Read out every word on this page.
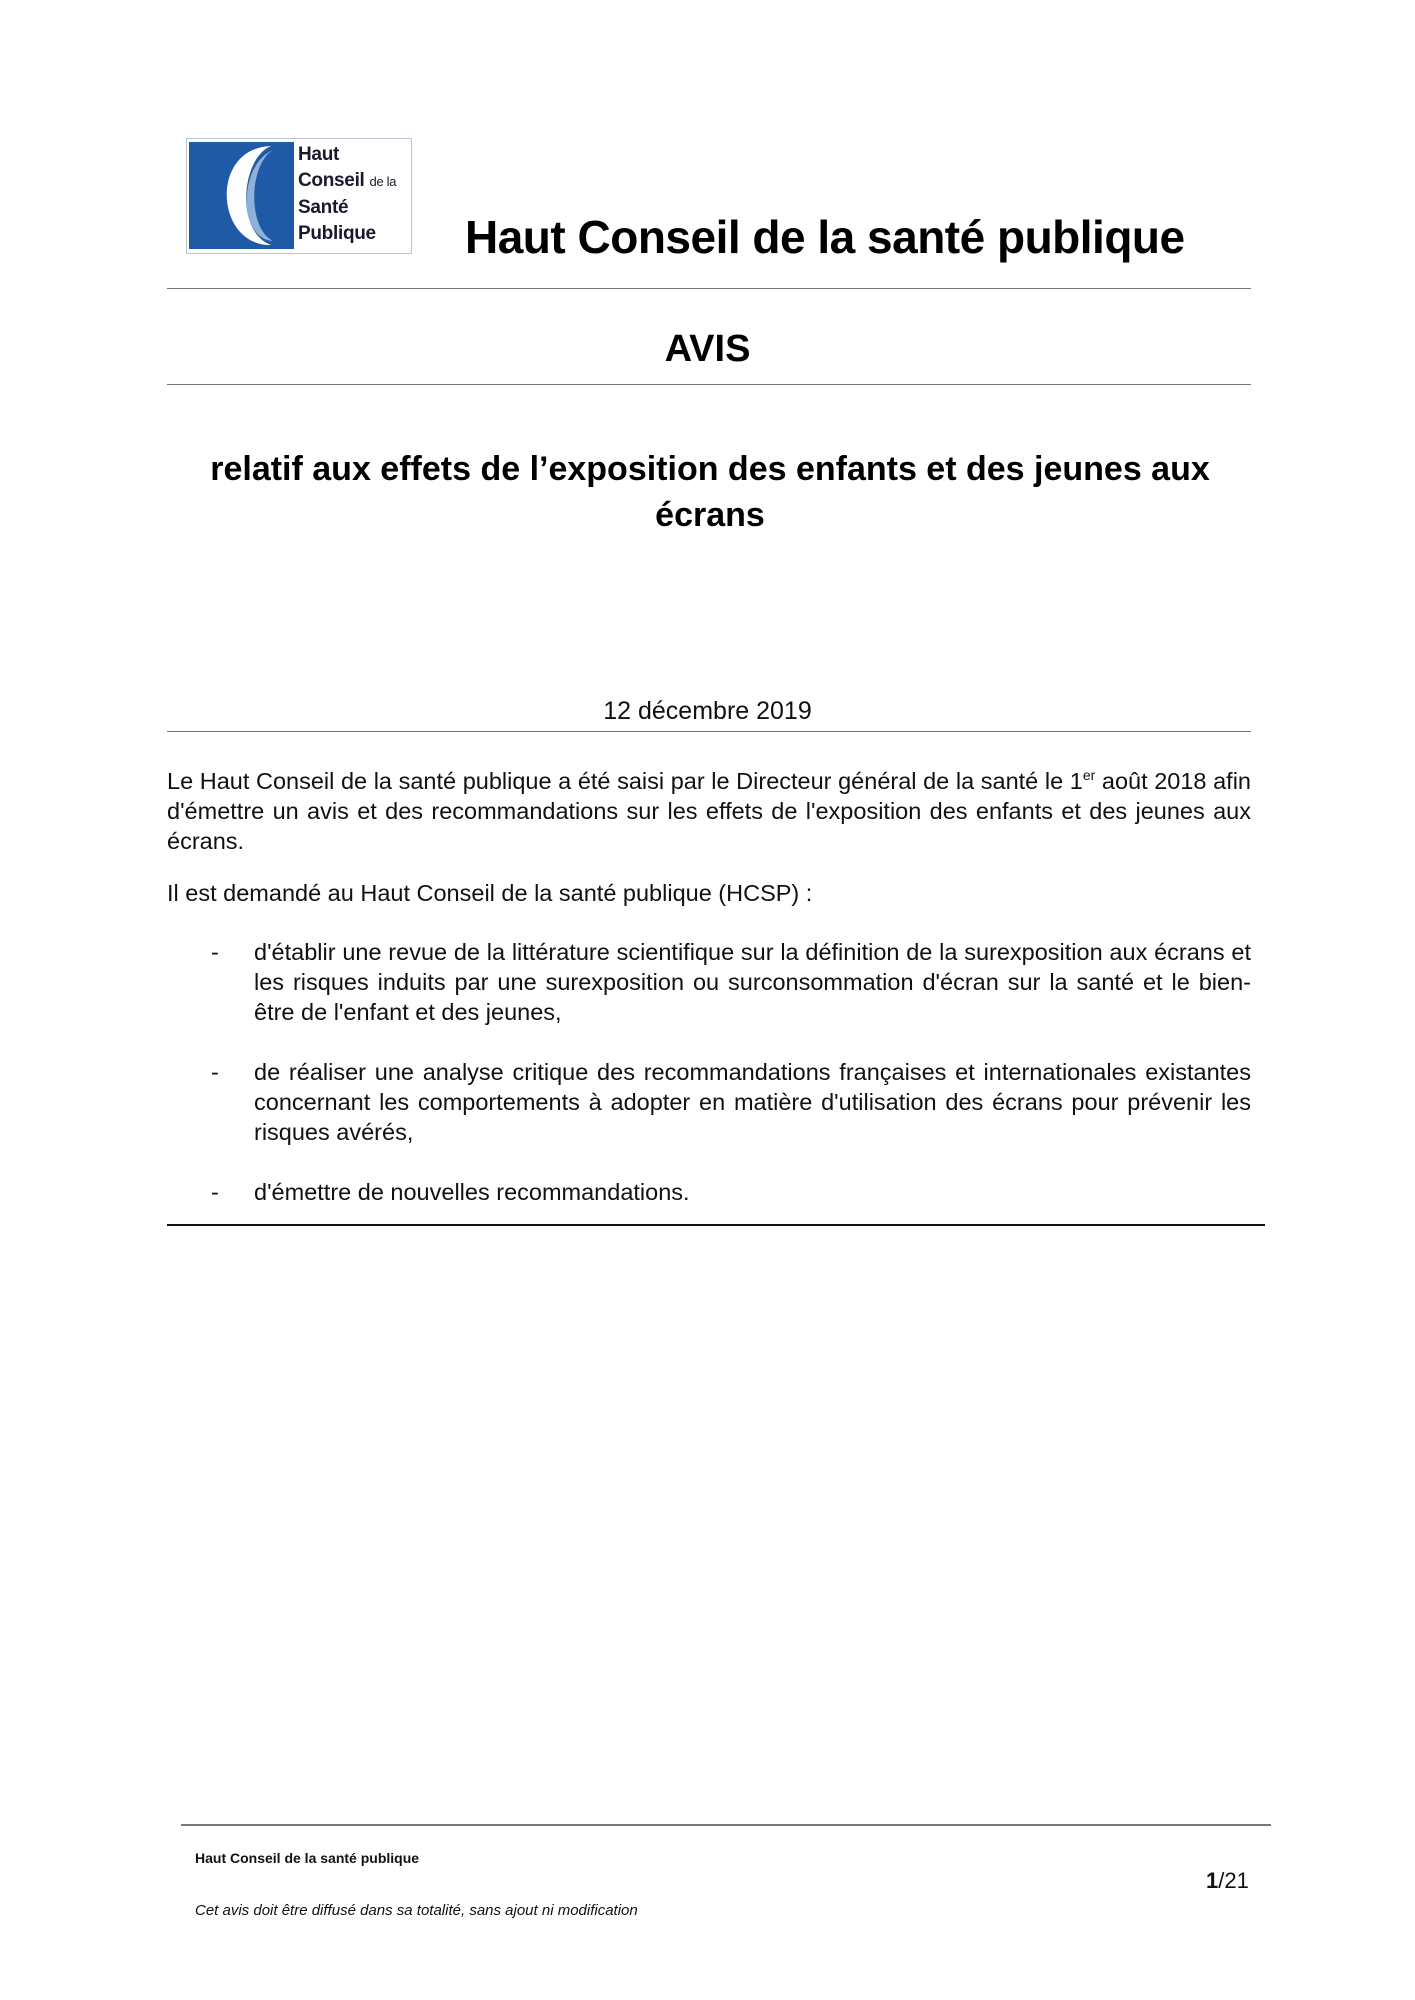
Haut
Conseil de la
Santé
Publique	Haut Conseil de la santé publique
AVIS
relatif aux effets de l’exposition des enfants et des jeunes aux
écrans
12 décembre 2019
Le Haut Conseil de la santé publique a été saisi par le Directeur général de la santé le 1er août 2018 afin d'émettre un avis et des recommandations sur les effets de l'exposition des enfants et des jeunes aux écrans.
Il est demandé au Haut Conseil de la santé publique (HCSP) :
- d'établir une revue de la littérature scientifique sur la définition de la surexposition aux écrans et les risques induits par une surexposition ou surconsommation d'écran sur la santé et le bien-être de l'enfant et des jeunes,
- de réaliser une analyse critique des recommandations françaises et internationales existantes concernant les comportements à adopter en matière d'utilisation des écrans pour prévenir les risques avérés,
- d'émettre de nouvelles recommandations.
Haut Conseil de la santé publique
1/21
Cet avis doit être diffusé dans sa totalité, sans ajout ni modification
